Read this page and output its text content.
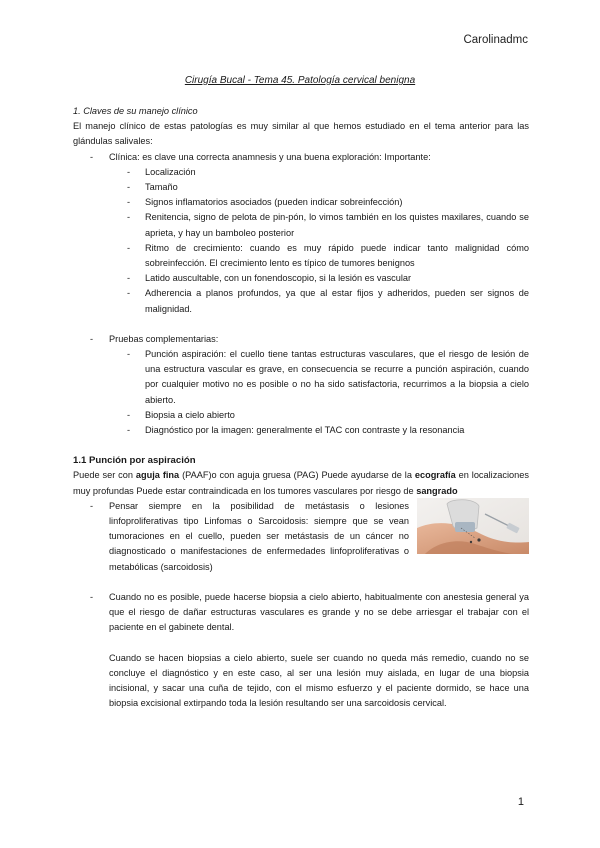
Carolinadmc
Cirugía Bucal - Tema 45. Patología cervical benigna

1. Claves de su manejo clínico

El manejo clínico de estas patologías es muy similar al que hemos estudiado en el tema anterior para las glándulas salivales:

-	Clínica: es clave una correcta anamnesis y una buena exploración: Importante:
-	Localización
-	Tamaño
-	Signos inflamatorios asociados (pueden indicar sobreinfección)
-	Renitencia, signo de pelota de pin-pón, lo vimos también en los quistes maxilares, cuando se aprieta, y hay un bamboleo posterior
-	Ritmo de crecimiento: cuando es muy rápido puede indicar tanto malignidad cómo sobreinfección. El crecimiento lento es típico de tumores benignos
-	Latido auscultable, con un fonendoscopio, si la lesión es vascular
-	Adherencia a planos profundos, ya que al estar fijos y adheridos, pueden ser signos de malignidad.
-	Pruebas complementarias:
-	Punción aspiración: el cuello tiene tantas estructuras vasculares, que el riesgo de lesión de una estructura vascular es grave, en consecuencia se recurre a punción aspiración, cuando por cualquier motivo no es posible o no ha sido satisfactoria, recurrimos a la biopsia a cielo abierto.
-	Biopsia a cielo abierto
-	Diagnóstico por la imagen: generalmente el TAC con contraste y la resonancia

1.1 Punción por aspiración

Puede ser con aguja fina (PAAF)o con aguja gruesa (PAG) Puede ayudarse de la ecografía en localizaciones muy profundas Puede estar contraindicada en los tumores vasculares por riesgo de sangrado

-	Pensar siempre en la posibilidad de metástasis o lesiones linfoproliferativas tipo Linfomas o Sarcoidosis: siempre que se vean tumoraciones en el cuello, pueden ser metástasis de un cáncer no diagnosticado o manifestaciones de enfermedades linfoproliferativas o metabólicas (sarcoidosis)
-	Cuando no es posible, puede hacerse biopsia a cielo abierto, habitualmente con anestesia general ya que el riesgo de dañar estructuras vasculares es grande y no se debe arriesgar el trabajar con el paciente en el gabinete dental.

Cuando se hacen biopsias a cielo abierto, suele ser cuando no queda más remedio, cuando no se concluye el diagnóstico y en este caso, al ser una lesión muy aislada, en lugar de una biopsia incisional, y sacar una cuña de tejido, con el mismo esfuerzo y el paciente dormido, se hace una biopsia excisional extirpando toda la lesión resultando ser una sarcoidosis cervical.

1
